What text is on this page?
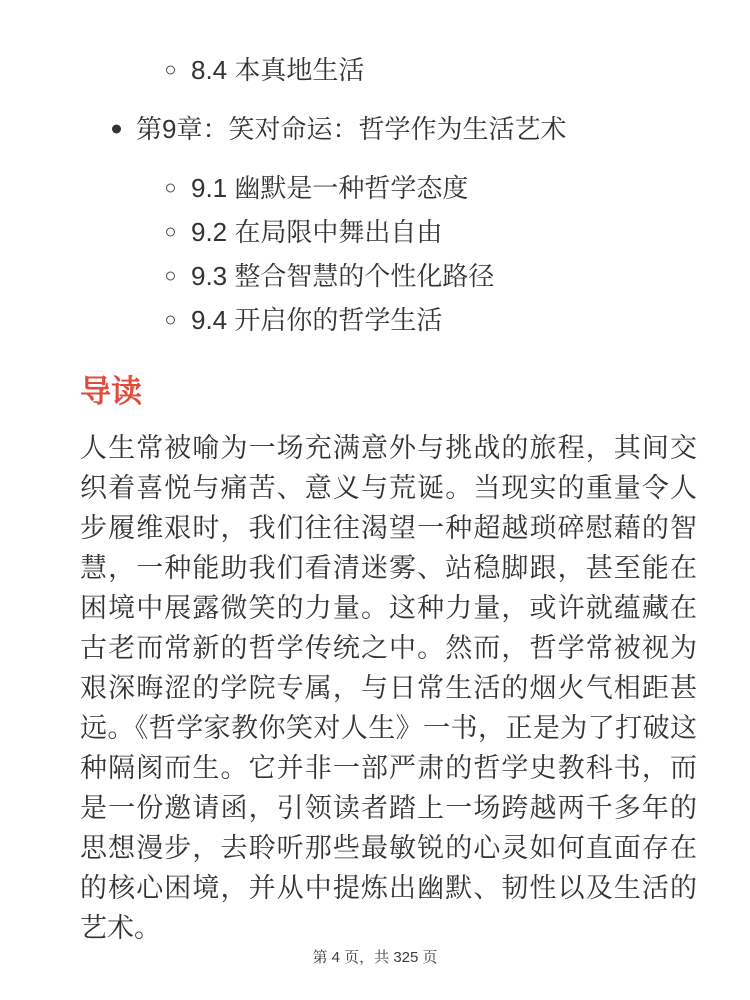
8.4 本真地生活
第9章：笑对命运：哲学作为生活艺术
9.1 幽默是一种哲学态度
9.2 在局限中舞出自由
9.3 整合智慧的个性化路径
9.4 开启你的哲学生活
导读

人生常被喻为一场充满意外与挑战的旅程，其间交织着喜悦与痛苦、意义与荒诞。当现实的重量令人步履维艰时，我们往往渴望一种超越琐碎慰藉的智慧，一种能助我们看清迷雾、站稳脚跟，甚至能在困境中展露微笑的力量。这种力量，或许就蕴藏在古老而常新的哲学传统之中。然而，哲学常被视为艰深晦涩的学院专属，与日常生活的烟火气相距甚远。《哲学家教你笑对人生》一书，正是为了打破这种隔阂而生。它并非一部严肃的哲学史教科书，而是一份邀请函，引领读者踏上一场跨越两千多年的思想漫步，去聆听那些最敏锐的心灵如何直面存在的核心困境，并从中提炼出幽默、韧性以及生活的艺术。

第 4 页，共 325 页
